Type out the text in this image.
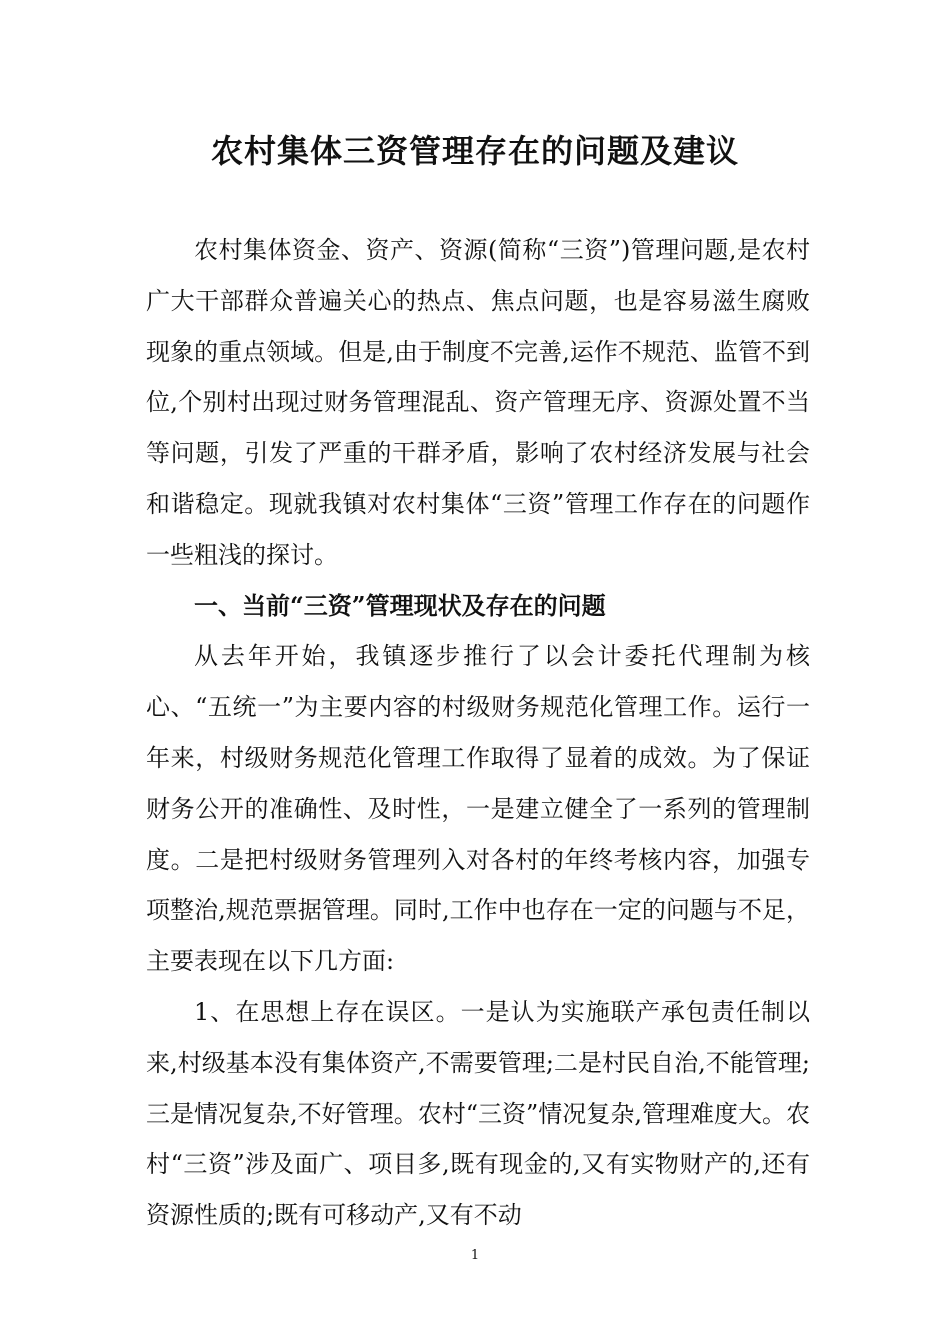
农村集体三资管理存在的问题及建议

农村集体资金、资产、资源(简称“三资”)管理问题,是农村广大干部群众普遍关心的热点、焦点问题，也是容易滋生腐败现象的重点领域。但是,由于制度不完善,运作不规范、监管不到位,个别村出现过财务管理混乱、资产管理无序、资源处置不当等问题，引发了严重的干群矛盾，影响了农村经济发展与社会和谐稳定。现就我镇对农村集体“三资”管理工作存在的问题作一些粗浅的探讨。

一、当前“三资”管理现状及存在的问题

从去年开始，我镇逐步推行了以会计委托代理制为核心、“五统一”为主要内容的村级财务规范化管理工作。运行一年来，村级财务规范化管理工作取得了显着的成效。为了保证财务公开的准确性、及时性，一是建立健全了一系列的管理制度。二是把村级财务管理列入对各村的年终考核内容，加强专项整治,规范票据管理。同时,工作中也存在一定的问题与不足，主要表现在以下几方面:

1、在思想上存在误区。一是认为实施联产承包责任制以来,村级基本没有集体资产,不需要管理;二是村民自治,不能管理;三是情况复杂,不好管理。农村“三资”情况复杂,管理难度大。农村“三资”涉及面广、项目多,既有现金的,又有实物财产的,还有资源性质的;既有可移动产,又有不动

1
